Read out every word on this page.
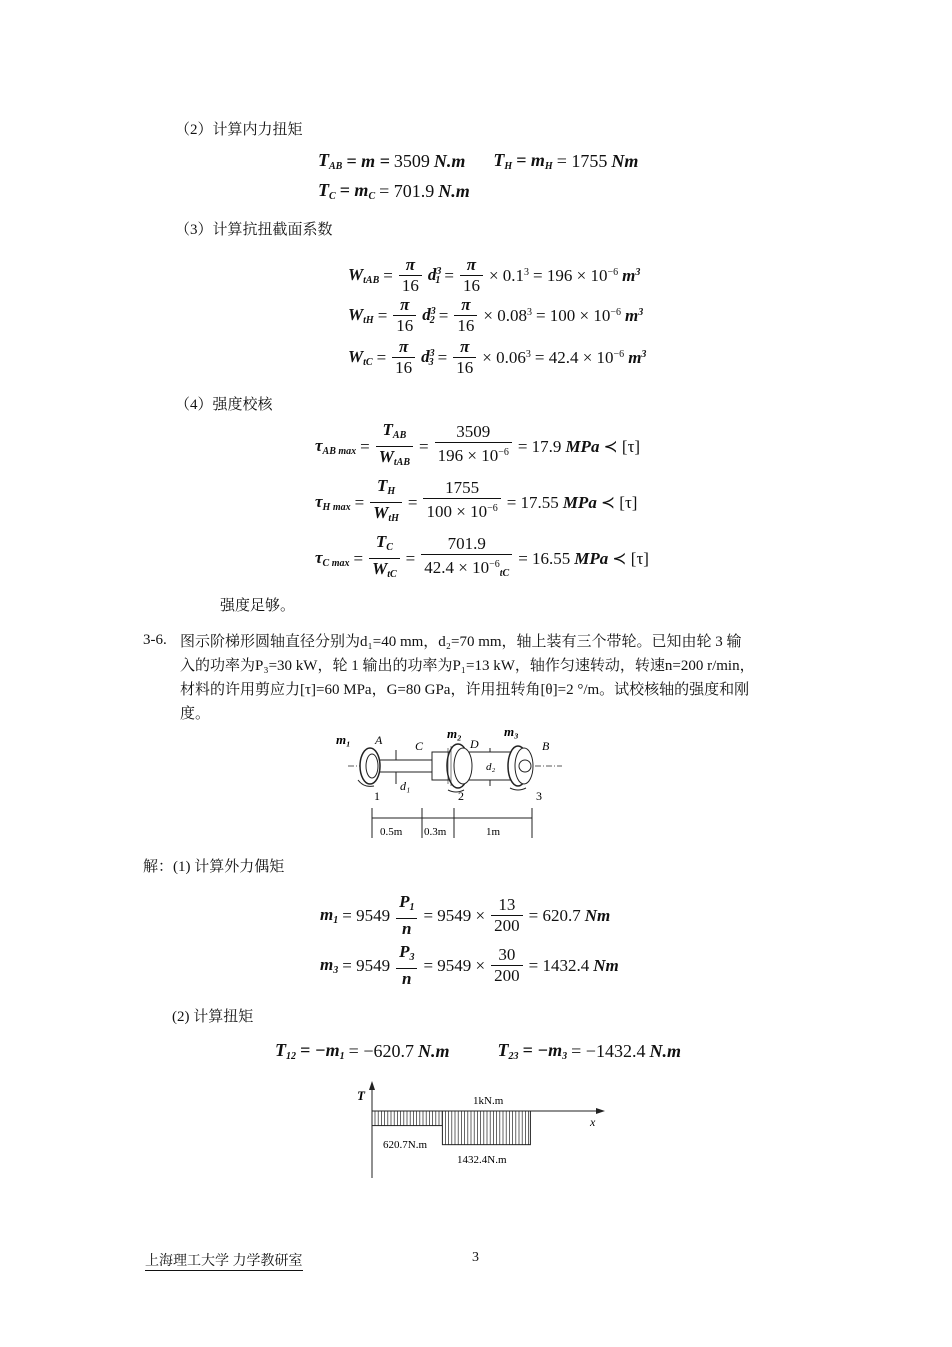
（2）计算内力扭矩
$T_{AB} = m = 3509$ N.m $T_H = m_H = 1755$ Nm
$T_C = m_C = 701.9$ N.m
（3）计算抗扭截面系数
$W_{tAB} = \frac{\pi}{16} d^3_1 = \frac{\pi}{16} \times 0.1^3 = 196 \times 10^{-6}$ $m^3$
$W_{tH} = \frac{\pi}{16} d^3_2 = \frac{\pi}{16} \times 0.08^3 = 100 \times 10^{-6}$ $m^3$
$W_{tC} = \frac{\pi}{16} d^3_3 = \frac{\pi}{16} \times 0.06^3 = 42.4 \times 10^{-6}$ $m^3$
（4）强度校核
$\tau_{AB max} = \frac{T_{AB}}{W_{tAB}} = \frac{3509}{196 \times 10^{-6}} = 17.9$ MPa ≺ [τ]
$\tau_{H max} = \frac{T_H}{W_{tH}} = \frac{1755}{100 \times 10^{-6}} = 17.55$ MPa ≺ [τ]
$\tau_{C max} = \frac{T_C}{W_{tC}} = \frac{701.9}{42.4 \times 10^{-6}_{tC}} = 16.55$ MPa ≺ [τ]
强度足够。
3-6. 图示阶梯形圆轴直径分别为d₁=40 mm，d₂=70 mm，轴上装有三个带轮。已知由轮 3 输
入的功率为P₃=30 kW，轮 1 输出的功率为P₁=13 kW，轴作匀速转动，转速n=200 r/min，
材料的许用剪应力[τ]=60 MPa，G=80 GPa，许用扭转角[θ]=2 °/m。试校核轴的强度和刚
度。
m₁ A	C
m₂
D
m₃
B
d₁
d₂
1	2	3
0.5m 0.3m	1m
解：(1) 计算外力偶矩
$m_1 = 9549 \frac{P_1}{n} = 9549 \times \frac{13}{200} = 620.7$ Nm
$m_3 = 9549 \frac{P_3}{n} = 9549 \times \frac{30}{200} = 1432.4$ Nm
(2) 计算扭矩
$T_{12} = -m_1 = -620.7$ N.m	$T_{23} = -m_3 = -1432.4$ N.m
T
x
1kN.m
620.7N.m
1432.4N.m
上海理工大学 力学教研室	3
